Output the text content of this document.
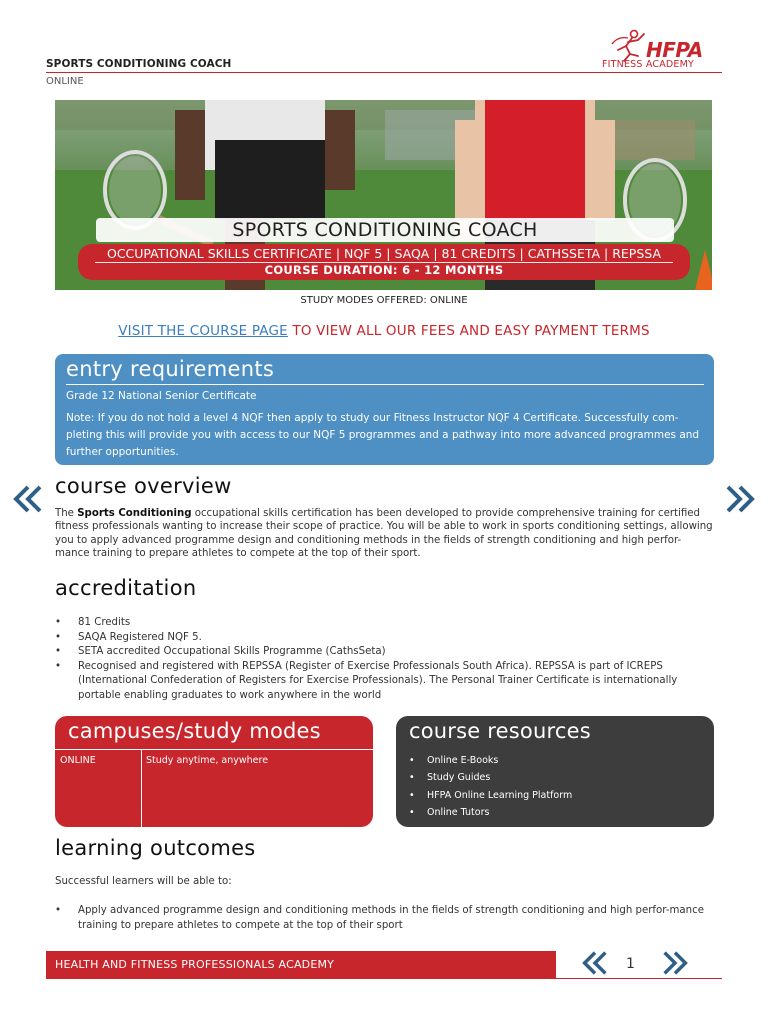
SPORTS CONDITIONING COACH
ONLINE
HFPA
FITNESS ACADEMY
SPORTS CONDITIONING COACH
OCCUPATIONAL SKILLS CERTIFICATE | NQF 5 | SAQA | 81 CREDITS | CATHSSETA | REPSSA
COURSE DURATION: 6 - 12 MONTHS
STUDY MODES OFFERED: ONLINE
VISIT THE COURSE PAGE TO VIEW ALL OUR FEES AND EASY PAYMENT TERMS
entry requirements
Grade 12 National Senior Certificate
Note: If you do not hold a level 4 NQF then apply to study our Fitness Instructor NQF 4 Certificate. Successfully com-pleting this will provide you with access to our NQF 5 programmes and a pathway into more advanced programmes and further opportunities.
course overview
The Sports Conditioning occupational skills certification has been developed to provide comprehensive training for certified fitness professionals wanting to increase their scope of practice. You will be able to work in sports conditioning settings, allowing you to apply advanced programme design and conditioning methods in the fields of strength conditioning and high perfor-mance training to prepare athletes to compete at the top of their sport.
accreditation
• 81 Credits
• SAQA Registered NQF 5.
• SETA accredited Occupational Skills Programme (CathsSeta)
• Recognised and registered with REPSSA (Register of Exercise Professionals South Africa). REPSSA is part of ICREPS (International Confederation of Registers for Exercise Professionals). The Personal Trainer Certificate is internationally portable enabling graduates to work anywhere in the world
campuses/study modes
ONLINE	Study anytime, anywhere
course resources
• Online E-Books
• Study Guides
• HFPA Online Learning Platform
• Online Tutors
learning outcomes
Successful learners will be able to:
• Apply advanced programme design and conditioning methods in the fields of strength conditioning and high perfor-mance training to prepare athletes to compete at the top of their sport
HEALTH AND FITNESS PROFESSIONALS ACADEMY	1
